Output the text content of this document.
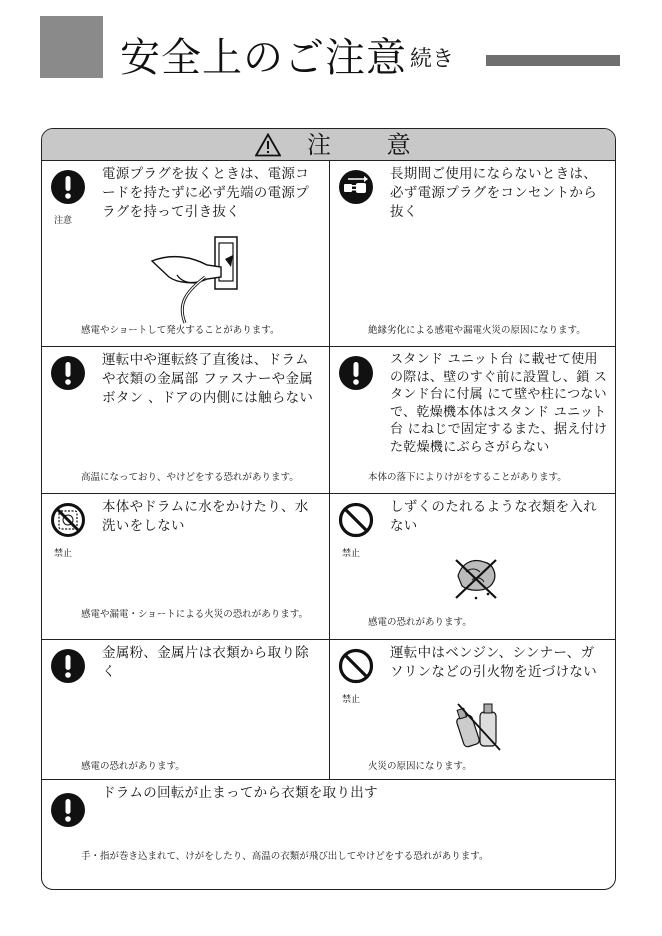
安全上のご注意 続き
注 意
注意
電源プラグを抜くときは、電源コードを持たずに必ず先端の電源プラグを持って引き抜く
感電やショートして発火することがあります。
長期間ご使用にならないときは、必ず電源プラグをコンセントから抜く
絶縁劣化による感電や漏電火災の原因になります。
運転中や運転終了直後は、ドラムや衣類の金属部 ファスナーや金属ボタン 、ドアの内側には触らない
高温になっており、やけどをする恐れがあります。
スタンド ユニット台 に載せて使用の際は、壁のすぐ前に設置し、鎖 スタンド台に付属 にて壁や柱につないで、乾燥機本体はスタンド ユニット台 にねじで固定するまた、据え付けた乾燥機にぶらさがらない
本体の落下によりけがをすることがあります。
禁止
本体やドラムに水をかけたり、水洗いをしない
感電や漏電・ショートによる火災の恐れがあります。
禁止
しずくのたれるような衣類を入れない
感電の恐れがあります。
金属粉、金属片は衣類から取り除く
感電の恐れがあります。
禁止
運転中はベンジン、シンナー、ガソリンなどの引火物を近づけない
火災の原因になります。
ドラムの回転が止まってから衣類を取り出す
手・指が巻き込まれて、けがをしたり、高温の衣類が飛び出してやけどをする恐れがあります。
